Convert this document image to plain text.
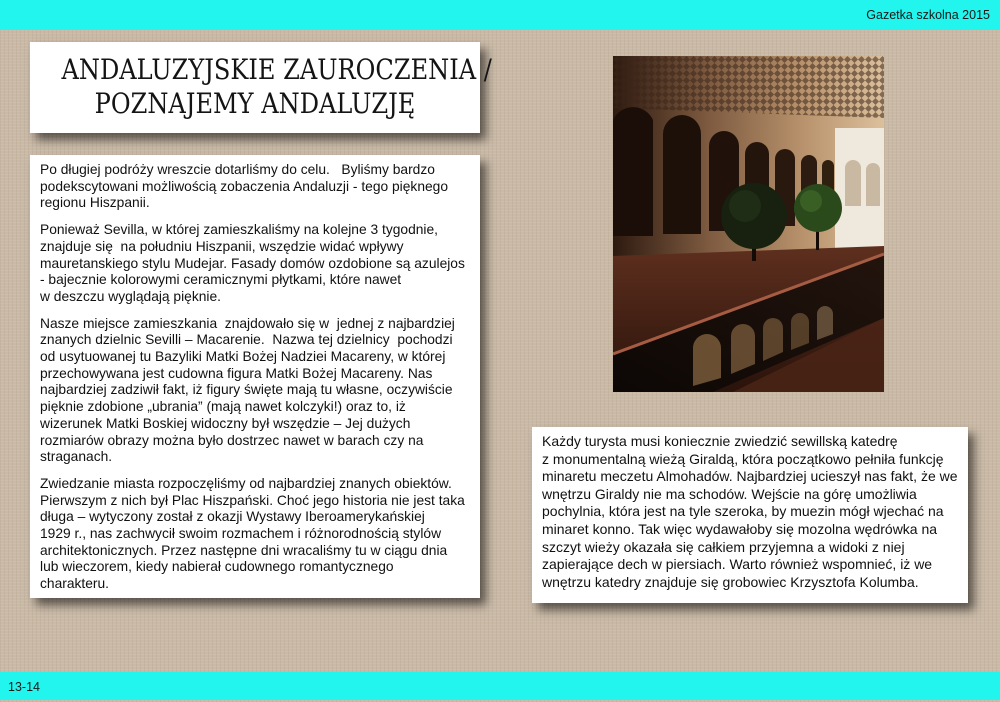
Gazetka szkolna 2015
ANDALUZYJSKIE ZAUROCZENIA /
POZNAJEMY ANDALUZJĘ

Po długiej podróży wreszcie dotarliśmy do celu.   Byliśmy bardzo
podekscytowani możliwością zobaczenia Andaluzji - tego pięknego
regionu Hiszpanii.

Ponieważ Sevilla, w której zamieszkaliśmy na kolejne 3 tygodnie,
znajduje się  na południu Hiszpanii, wszędzie widać wpływy
mauretanskiego stylu Mudejar. Fasady domów ozdobione są azulejos
- bajecznie kolorowymi ceramicznymi płytkami, które nawet
w deszczu wyglądają pięknie.

Nasze miejsce zamieszkania  znajdowało się w  jednej z najbardziej
znanych dzielnic Sevilli – Macarenie.  Nazwa tej dzielnicy  pochodzi
od usytuowanej tu Bazyliki Matki Bożej Nadziei Macareny, w której
przechowywana jest cudowna figura Matki Bożej Macareny. Nas
najbardziej zadziwił fakt, iż figury święte mają tu własne, oczywiście
pięknie zdobione „ubrania” (mają nawet kolczyki!) oraz to, iż
wizerunek Matki Boskiej widoczny był wszędzie – Jej dużych
rozmiarów obrazy można było dostrzec nawet w barach czy na
straganach.

Zwiedzanie miasta rozpoczęliśmy od najbardziej znanych obiektów.
Pierwszym z nich był Plac Hiszpański. Choć jego historia nie jest taka
długa – wytyczony został z okazji Wystawy Iberoamerykańskiej
1929 r., nas zachwycił swoim rozmachem i różnorodnością stylów
architektonicznych. Przez następne dni wracaliśmy tu w ciągu dnia
lub wieczorem, kiedy nabierał cudownego romantycznego
charakteru.

Każdy turysta musi koniecznie zwiedzić sewillską katedrę
z monumentalną wieżą Giraldą, która początkowo pełniła funkcję
minaretu meczetu Almohadów. Najbardziej ucieszył nas fakt, że we
wnętrzu Giraldy nie ma schodów. Wejście na górę umożliwia
pochylnia, która jest na tyle szeroka, by muezin mógł wjechać na
minaret konno. Tak więc wydawałoby się mozolna wędrówka na
szczyt wieży okazała się całkiem przyjemna a widoki z niej
zapierające dech w piersiach. Warto również wspomnieć, iż we
wnętrzu katedry znajduje się grobowiec Krzysztofa Kolumba.

13-14
